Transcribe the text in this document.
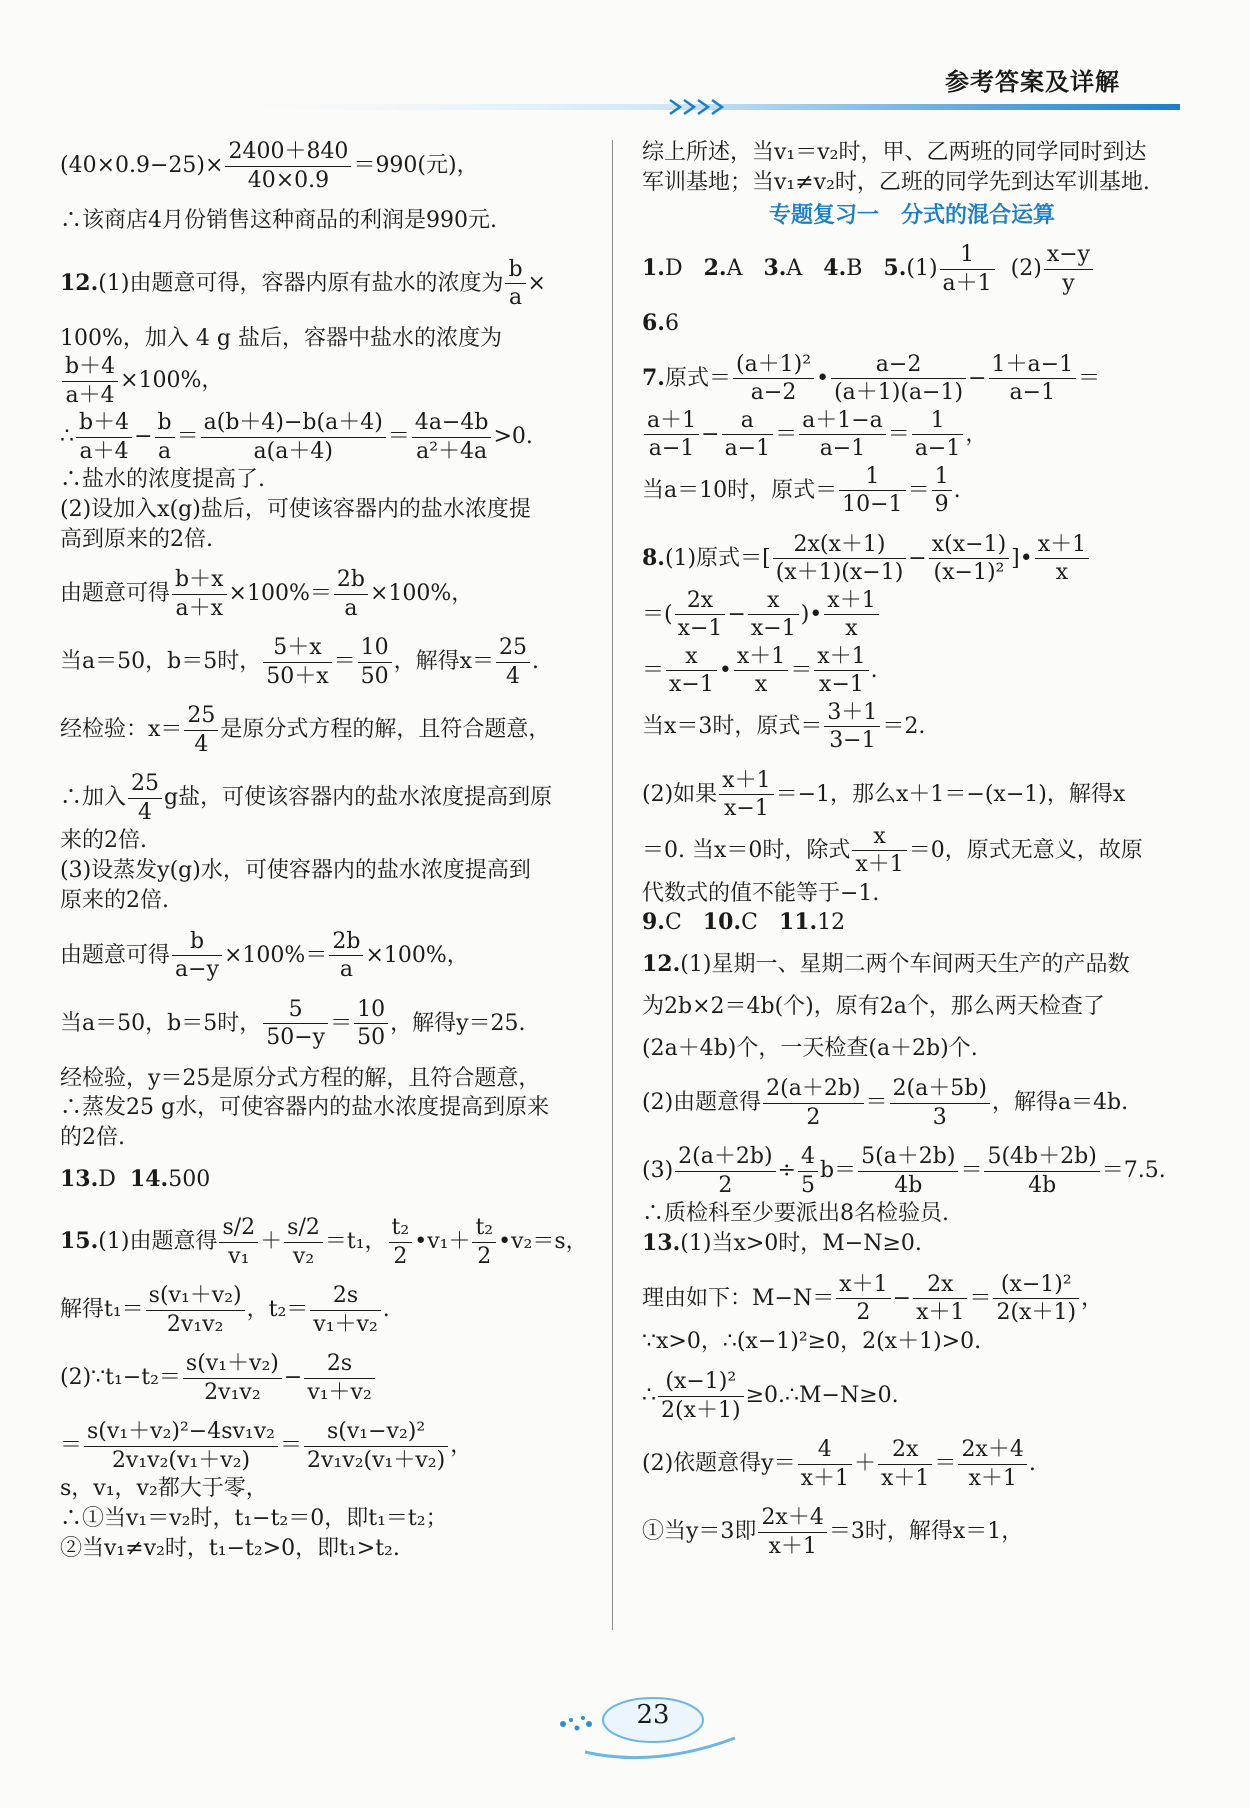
参考答案及详解

$(40\times 0.9-25)\times \frac{2400+840}{40\times 0.9} =990$(元)，

∴该商店4月份销售这种商品的利润是990元.

12.(1)由题意可得，容器内原有盐水的浓度为 $\frac{b}{a}$ ×

100%，加入 4 g 盐后，容器中盐水的浓度为

$\frac{b+4}{a+4} \times 100\%$，

∴ $\frac{b+4}{a+4} - \frac{b}{a} = \frac{a(b+4)-b(a+4)}{a(a+4)} = \frac{4a-4b}{\text{a²＋4a}} >0$.

∴盐水的浓度提高了.

(2)设加入x(g)盐后，可使该容器内的盐水浓度提

高到原来的2倍.

由题意可得 $\frac{b+x}{a+x} \times 100\%= \frac{2b}{a} \times 100\%$，

当a＝50，b＝5时， $\frac{5+x}{50+x} = \frac{10}{50}$ ，解得$x= \frac{25}{4}$ .

经检验：$x= \frac{25}{4}$ 是原分式方程的解，且符合题意，

∴加入 $\frac{25}{4}$ g盐，可使该容器内的盐水浓度提高到原

来的2倍.

(3)设蒸发y(g)水，可使容器内的盐水浓度提高到

原来的2倍.

由题意可得 $\frac{b}{a-y} \times 100\%= \frac{2b}{a} \times 100\%$，

当a＝50，b＝5时， $\frac{5}{50-y} = \frac{10}{50}$ ，解得y＝25.

经检验，y＝25是原分式方程的解，且符合题意，

∴蒸发25 g水，可使容器内的盐水浓度提高到原来

的2倍.

13.D 14.500

15.(1)由题意得 $\frac{s/2}{\text{v₁}} + \frac{s/2}{\text{v₂}} =t_1$， $\frac{\text{t₂}}{2}$ •v₁＋ $\frac{\text{t₂}}{2}$ •v₂＝s，

解得$t_1= \frac{\text{s(v₁＋v₂)}}{\text{2v₁v₂}}$ ，$t_2= \frac{2s}{\text{v₁＋v₂}}$ .

(2)∵t₁−t₂＝ $\frac{\text{s(v₁＋v₂)}}{\text{2v₁v₂}} - \frac{2s}{\text{v₁＋v₂}}$

＝ $\frac{\text{s(v₁＋v₂)²−4sv₁v₂}}{\text{2v₁v₂(v₁＋v₂)}} = \frac{\text{s(v₁−v₂)²}}{\text{2v₁v₂(v₁＋v₂)}}$ ，

s，v₁，v₂都大于零，

∴①当v₁＝v₂时，t₁−t₂＝0，即t₁＝t₂；

②当v₁≠v₂时，t₁−t₂>0，即t₁>t₂.

综上所述，当v₁＝v₂时，甲、乙两班的同学同时到达

军训基地；当v₁≠v₂时，乙班的同学先到达军训基地.

专题复习一　分式的混合运算

1.D 2.A 3.A 4.B $5.(1) \frac{1}{a+1} (2) \frac{x-y}{y}$

6.6

7.原式＝ $\frac{\text{(a＋1)²}}{a-2}$ • $\frac{a-2}{(a+1)(a-1)} - \frac{1+a-1}{a-1}$ ＝

$\frac{a+1}{a-1} - \frac{a}{a-1} = \frac{a+1-a}{a-1} = \frac{1}{a-1}$ ，

当a＝10时，原式＝ $\frac{1}{10-1} = \frac{1}{9}$ .

8.(1)原式＝[ $\frac{2x(x+1)}{(x+1)(x-1)} - \frac{x(x-1)}{\text{(x−1)²}}$ ]• $\frac{x+1}{x}$

＝( $\frac{2x}{x-1} - \frac{x}{x-1}$ )• $\frac{x+1}{x}$

＝ $\frac{x}{x-1}$ • $\frac{x+1}{x} = \frac{x+1}{x-1}$ .

当x＝3时，原式＝ $\frac{3+1}{3-1} =2$.

(2)如果 $\frac{x+1}{x-1} =-1$，那么x＋1＝−(x−1)，解得x

＝0. 当x＝0时，除式 $\frac{x}{x+1} =0$，原式无意义，故原

代数式的值不能等于−1.

9.C 10.C 11.12

12.(1)星期一、星期二两个车间两天生产的产品数

为2b×2＝4b(个)，原有2a个，那么两天检查了

(2a＋4b)个，一天检查(a＋2b)个.

(2)由题意得 $\frac{2(a+2b)}{2} = \frac{2(a+5b)}{3}$ ，解得a＝4b.

$(3) \frac{2(a+2b)}{2} \div \frac{4}{5} b= \frac{5(a+2b)}{4b} = \frac{5(4b+2b)}{4b} =7.5$.

∴质检科至少要派出8名检验员.

13.(1)当x>0时，M−N≥0.

理由如下：$M-N= \frac{x+1}{2} - \frac{2x}{x+1} = \frac{\text{(x−1)²}}{2(x+1)}$ ，

∵x>0，∴(x−1)²≥0，2(x＋1)>0.

∴ $\frac{\text{(x−1)²}}{2(x+1)}$ ≥0.∴M−N≥0.

(2)依题意得$y= \frac{4}{x+1} + \frac{2x}{x+1} = \frac{2x+4}{x+1}$ .

①当y＝3即 $\frac{2x+4}{x+1} =3$时，解得x＝1，

23
